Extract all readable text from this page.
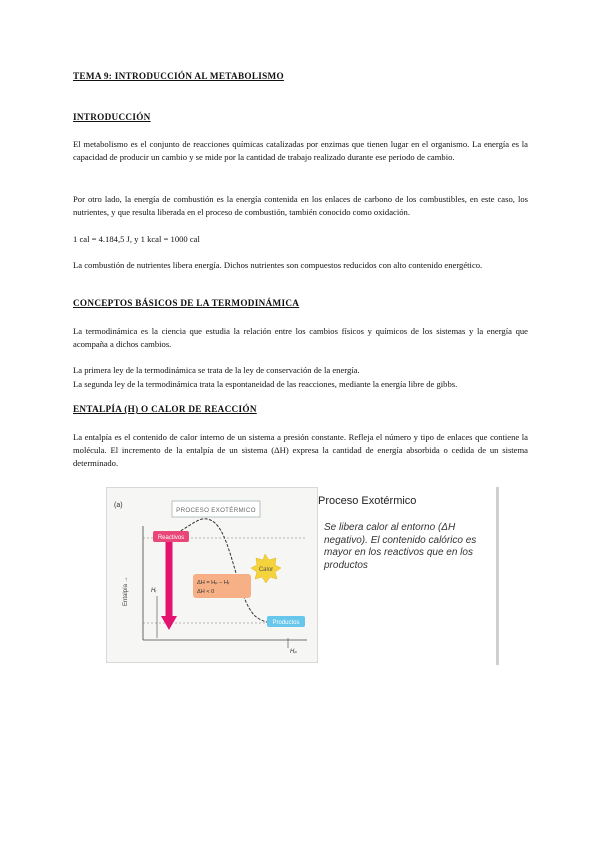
TEMA 9: INTRODUCCIÓN AL METABOLISMO
INTRODUCCIÓN
El metabolismo es el conjunto de reacciones químicas catalizadas por enzimas que tienen lugar en el organismo. La energía es la capacidad de producir un cambio y se mide por la cantidad de trabajo realizado durante ese periodo de cambio.
Por otro lado, la energía de combustión es la energía contenida en los enlaces de carbono de los combustibles, en este caso, los nutrientes, y que resulta liberada en el proceso de combustión, también conocido como oxidación.
1 cal = 4.184,5 J, y 1 kcal = 1000 cal
La combustión de nutrientes libera energía. Dichos nutrientes son compuestos reducidos con alto contenido energético.
CONCEPTOS BÁSICOS DE LA TERMODINÁMICA
La termodinámica es la ciencia que estudia la relación entre los cambios físicos y químicos de los sistemas y la energía que acompaña a dichos cambios.
La primera ley de la termodinámica se trata de la ley de conservación de la energía.
La segunda ley de la termodinámica trata la espontaneidad de las reacciones, mediante la energía libre de gibbs.
ENTALPÍA (H) O CALOR DE REACCIÓN
La entalpía es el contenido de calor interno de un sistema a presión constante. Refleja el número y tipo de enlaces que contiene la molécula. El incremento de la entalpía de un sistema (ΔH) expresa la cantidad de energía absorbida o cedida de un sistema determinado.
(a)
PROCESO EXOTÉRMICO
Entalpía →	Hᵣ
Hₚ
Reactivos
ΔH = Hₚ − Hᵣ
ΔH < 0
Calor
Productos
Proceso Exotérmico
Se libera calor al entorno (ΔH negativo). El contenido calórico es mayor en los reactivos que en los productos
